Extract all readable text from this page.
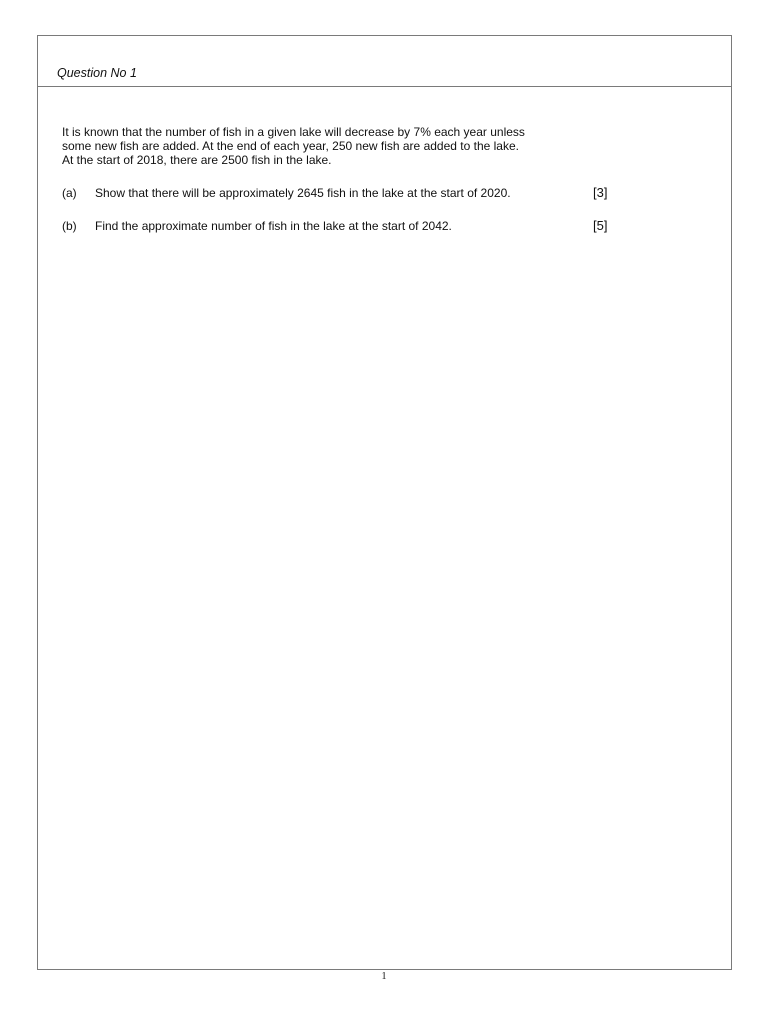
Question No 1
It is known that the number of fish in a given lake will decrease by 7% each year unless
some new fish are added. At the end of each year, 250 new fish are added to the lake.
At the start of 2018, there are 2500 fish in the lake.
(a) Show that there will be approximately 2645 fish in the lake at the start of 2020.	[3]
(b) Find the approximate number of fish in the lake at the start of 2042.	[5]
1
